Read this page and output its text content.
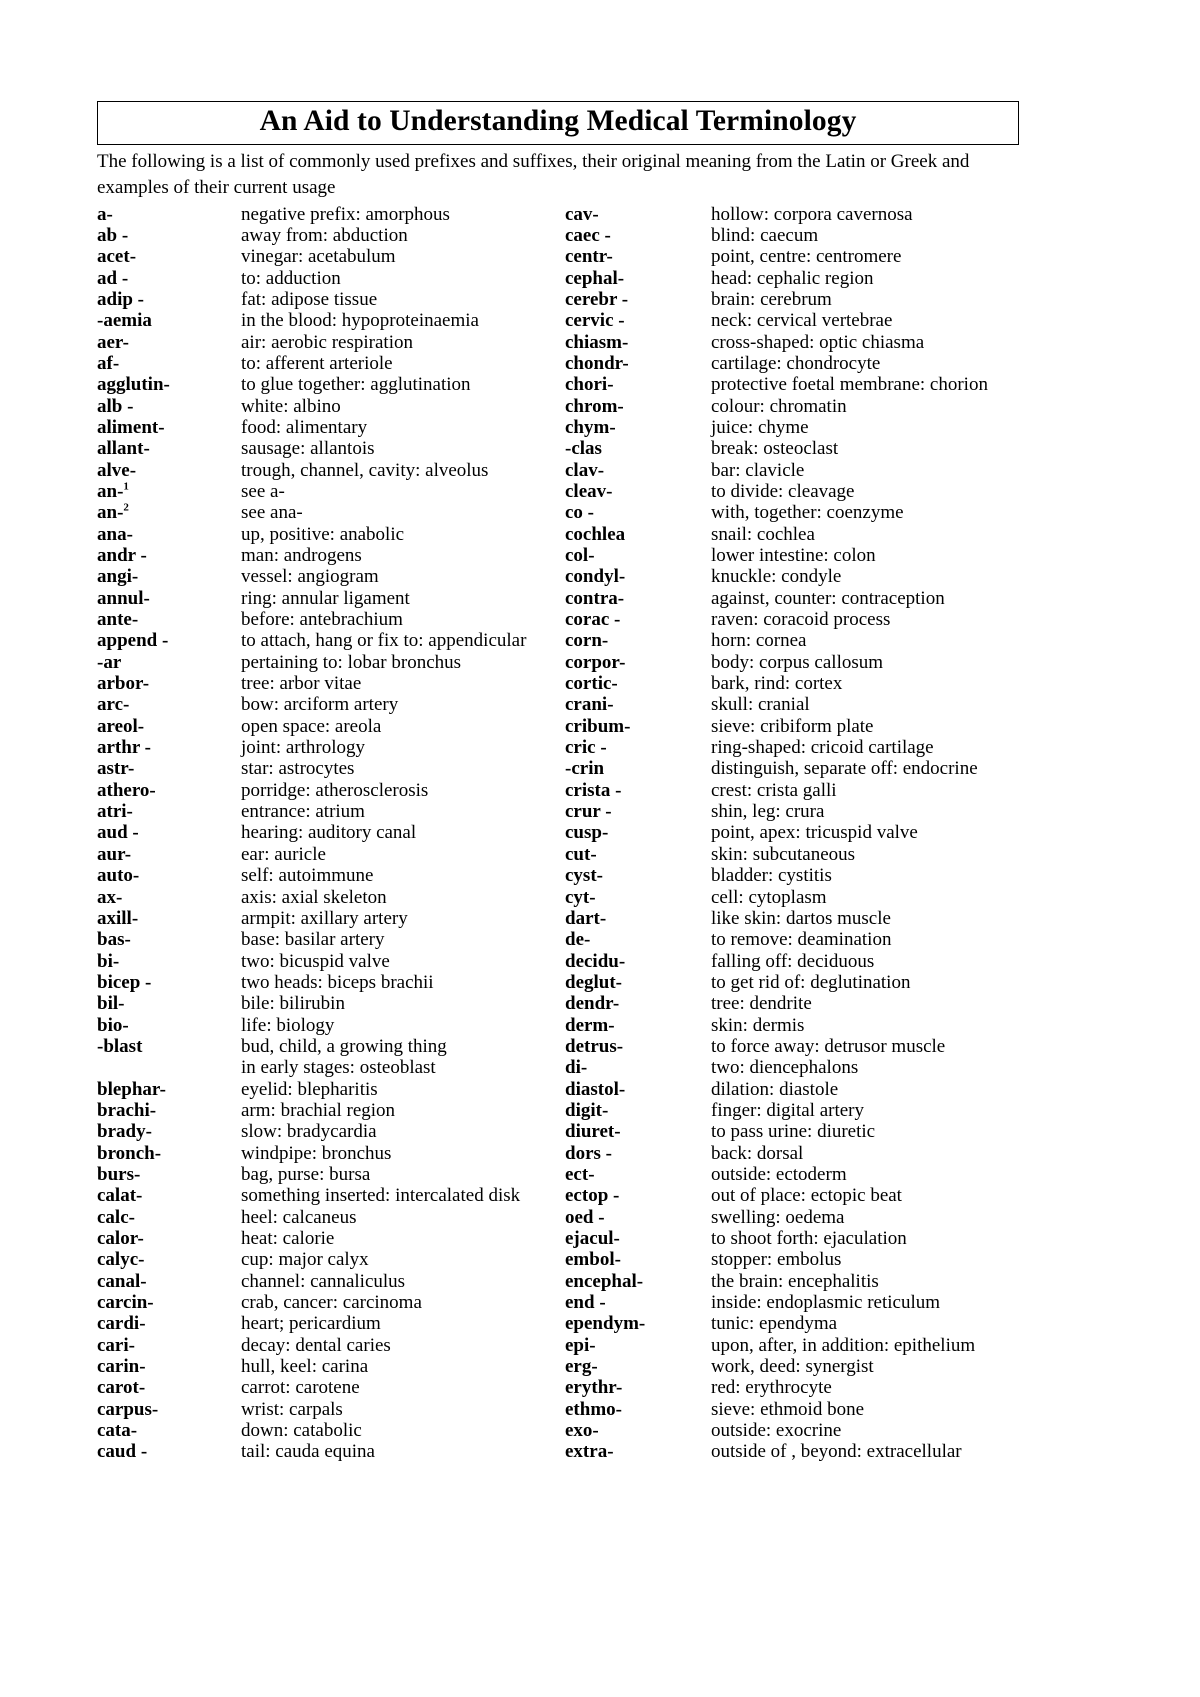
An Aid to Understanding Medical Terminology

The following is a list of commonly used prefixes and suffixes, their original meaning from the Latin or Greek and examples of their current usage

a-	negative prefix: amorphous
ab -	away from: abduction
acet-	vinegar: acetabulum
ad -	to: adduction
adip -	fat: adipose tissue
-aemia	in the blood: hypoproteinaemia
aer-	air: aerobic respiration
af-	to: afferent arteriole
agglutin-	to glue together: agglutination
alb -	white: albino
aliment-	food: alimentary
allant-	sausage: allantois
alve-	trough, channel, cavity: alveolus
an-$^1$	see a-
an-$^2$	see ana-
ana-	up, positive: anabolic
andr -	man: androgens
angi-	vessel: angiogram
annul-	ring: annular ligament
ante-	before: antebrachium
append -	to attach, hang or fix to: appendicular
-ar	pertaining to: lobar bronchus
arbor-	tree: arbor vitae
arc-	bow: arciform artery
areol-	open space: areola
arthr -	joint: arthrology
astr-	star: astrocytes
athero-	porridge: atherosclerosis
atri-	entrance: atrium
aud -	hearing: auditory canal
aur-	ear: auricle
auto-	self: autoimmune
ax-	axis: axial skeleton
axill-	armpit: axillary artery
bas-	base: basilar artery
bi-	two: bicuspid valve
bicep -	two heads: biceps brachii
bil-	bile: bilirubin
bio-	life: biology
-blast	bud, child, a growing thing
in early stages: osteoblast
blephar-	eyelid: blepharitis
brachi-	arm: brachial region
brady-	slow: bradycardia
bronch-	windpipe: bronchus
burs-	bag, purse: bursa
calat-	something inserted: intercalated disk
calc-	heel: calcaneus
calor-	heat: calorie
calyc-	cup: major calyx
canal-	channel: cannaliculus
carcin-	crab, cancer: carcinoma
cardi-	heart; pericardium
cari-	decay: dental caries
carin-	hull, keel: carina
carot-	carrot: carotene
carpus-	wrist: carpals
cata-	down: catabolic
caud -	tail: cauda equina
cav-	hollow: corpora cavernosa
caec -	blind: caecum
centr-	point, centre: centromere
cephal-	head: cephalic region
cerebr -	brain: cerebrum
cervic -	neck: cervical vertebrae
chiasm-	cross-shaped: optic chiasma
chondr-	cartilage: chondrocyte
chori-	protective foetal membrane: chorion
chrom-	colour: chromatin
chym-	juice: chyme
-clas	break: osteoclast
clav-	bar: clavicle
cleav-	to divide: cleavage
co -	with, together: coenzyme
cochlea	snail: cochlea
col-	lower intestine: colon
condyl-	knuckle: condyle
contra-	against, counter: contraception
corac -	raven: coracoid process
corn-	horn: cornea
corpor-	body: corpus callosum
cortic-	bark, rind: cortex
crani-	skull: cranial
cribum-	sieve: cribiform plate
cric -	ring-shaped: cricoid cartilage
-crin	distinguish, separate off: endocrine
crista -	crest: crista galli
crur -	shin, leg: crura
cusp-	point, apex: tricuspid valve
cut-	skin: subcutaneous
cyst-	bladder: cystitis
cyt-	cell: cytoplasm
dart-	like skin: dartos muscle
de-	to remove: deamination
decidu-	falling off: deciduous
deglut-	to get rid of: deglutination
dendr-	tree: dendrite
derm-	skin: dermis
detrus-	to force away: detrusor muscle
di-	two: diencephalons
diastol-	dilation: diastole
digit-	finger: digital artery
diuret-	to pass urine: diuretic
dors -	back: dorsal
ect-	outside: ectoderm
ectop -	out of place: ectopic beat
oed -	swelling: oedema
ejacul-	to shoot forth: ejaculation
embol-	stopper: embolus
encephal-	the brain: encephalitis
end -	inside: endoplasmic reticulum
ependym-	tunic: ependyma
epi-	upon, after, in addition: epithelium
erg-	work, deed: synergist
erythr-	red: erythrocyte
ethmo-	sieve: ethmoid bone
exo-	outside: exocrine
extra-	outside of , beyond: extracellular
